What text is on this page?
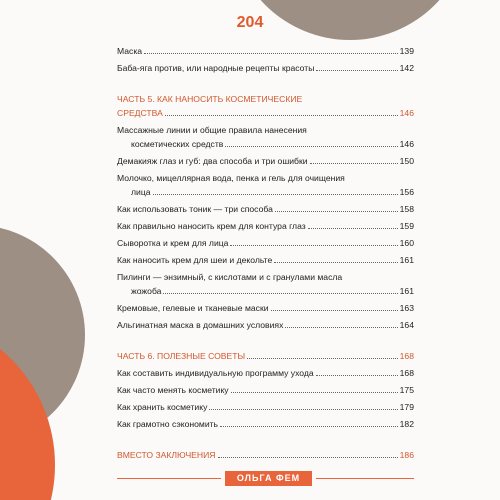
204
Маска	139
Баба-яга против, или народные рецепты красоты	142
ЧАСТЬ 5. КАК НАНОСИТЬ КОСМЕТИЧЕСКИЕ
СРЕДСТВА	146
Массажные линии и общие правила нанесения
косметических средств	146
Демакияж глаз и губ: два способа и три ошибки	150
Молочко, мицеллярная вода, пенка и гель для очищения
лица	156
Как использовать тоник — три способа	158
Как правильно наносить крем для контура глаз	159
Сыворотка и крем для лица	160
Как наносить крем для шеи и декольте	161
Пилинги — энзимный, с кислотами и с гранулами масла
жожоба	161
Кремовые, гелевые и тканевые маски	163
Альгинатная маска в домашних условиях	164
ЧАСТЬ 6. ПОЛЕЗНЫЕ СОВЕТЫ	168
Как составить индивидуальную программу ухода	168
Как часто менять косметику	175
Как хранить косметику	179
Как грамотно сэкономить	182
ВМЕСТО ЗАКЛЮЧЕНИЯ	186
ОЛЬГА ФЕМ
